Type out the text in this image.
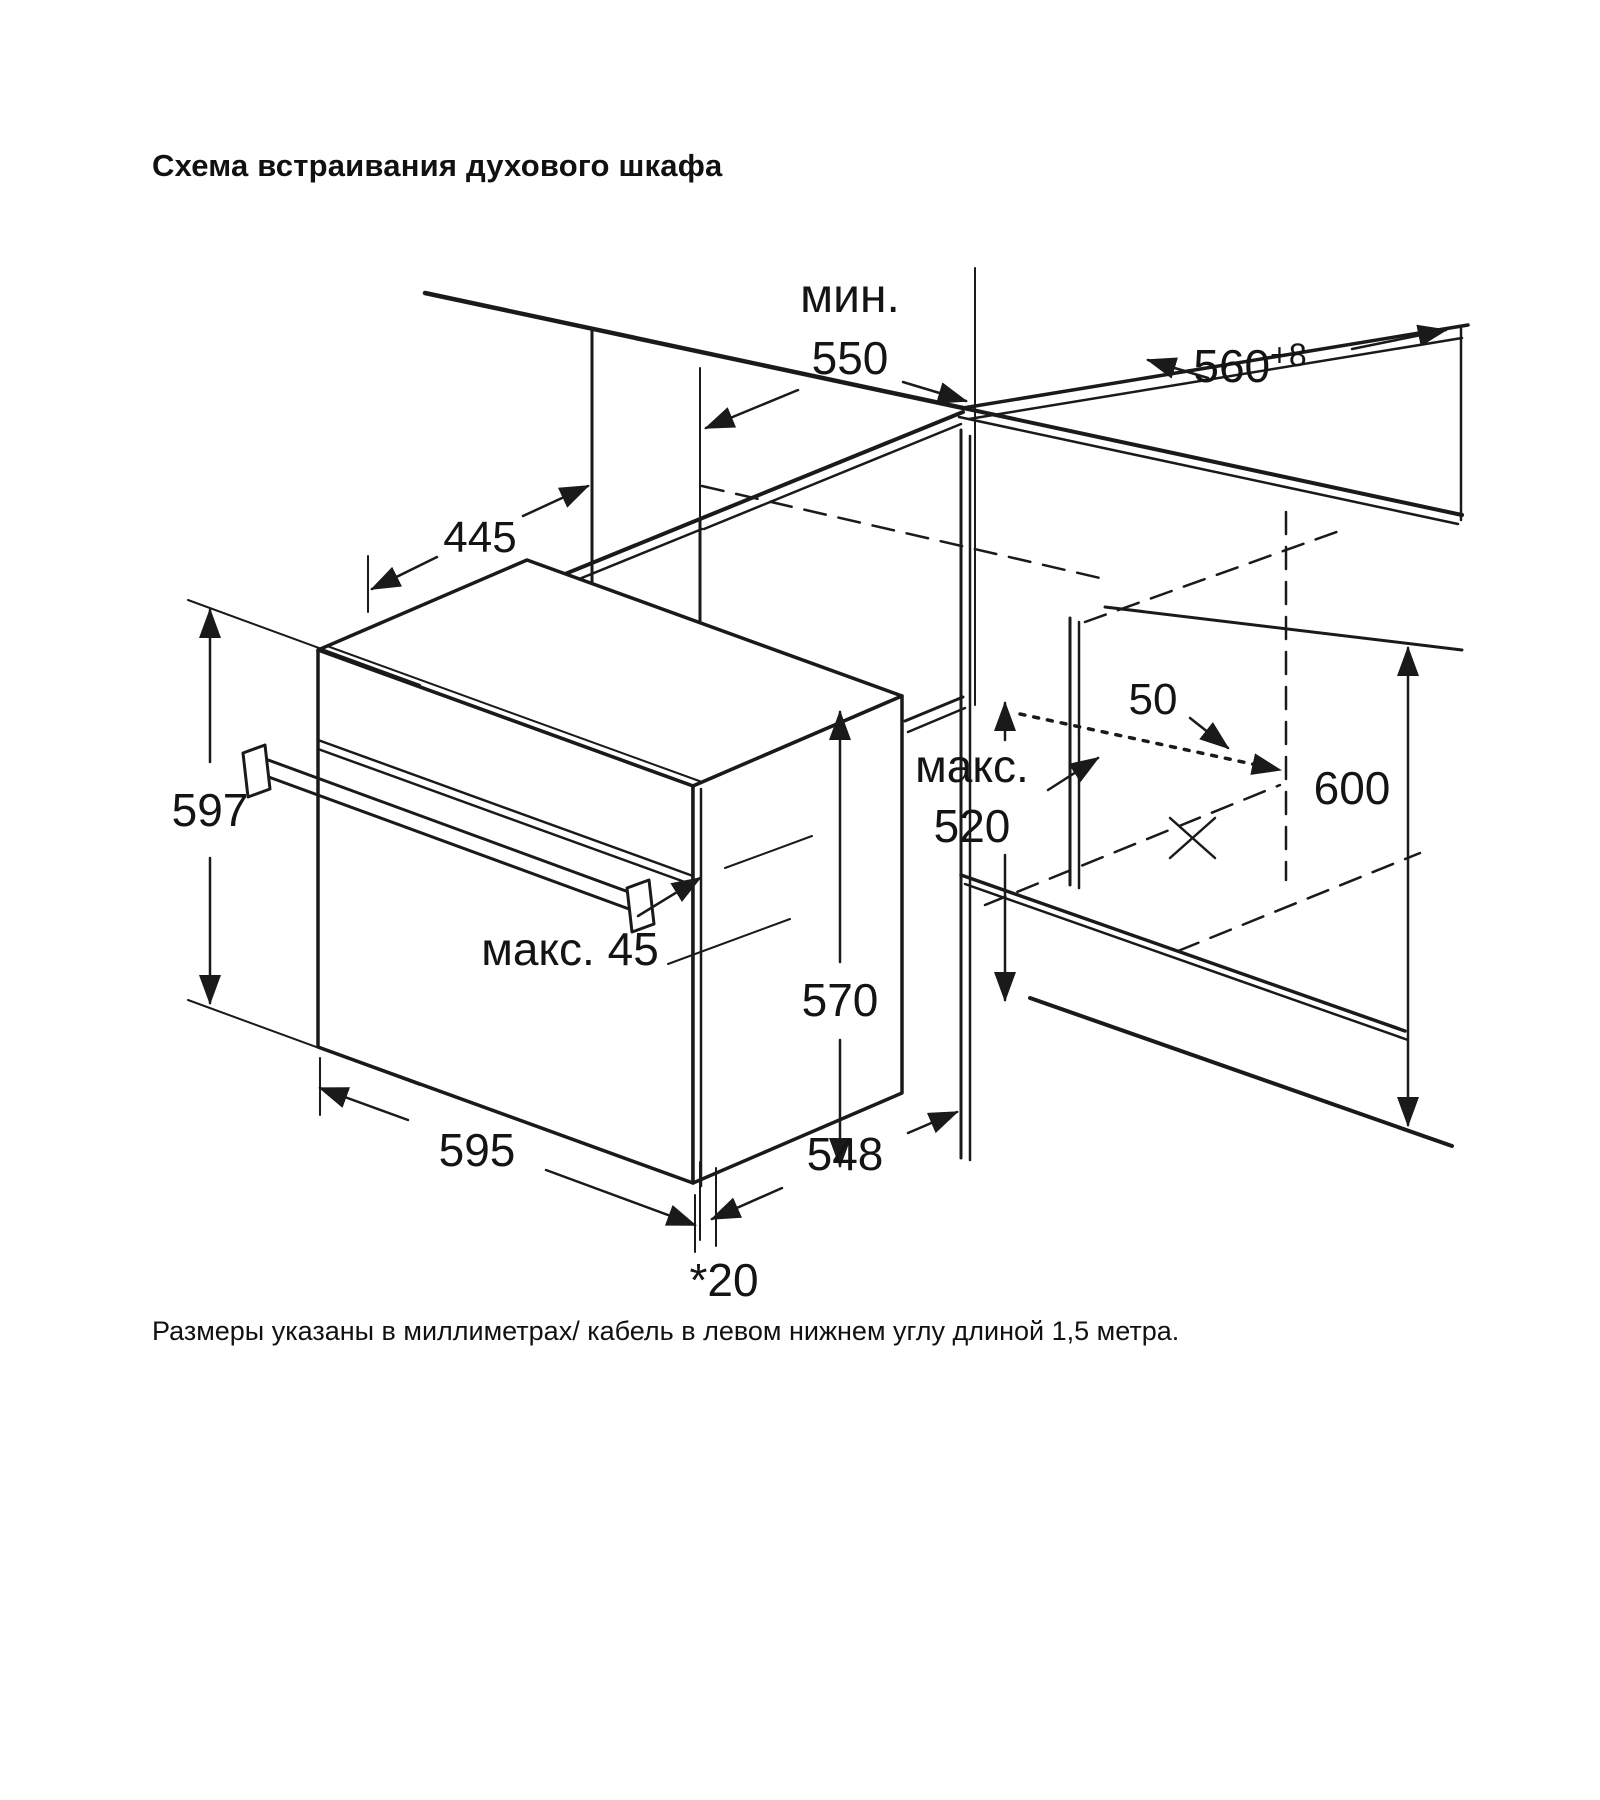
Схема встраивания духового шкафа
мин.
550	$560^{+8}$
445
597
макс.
520
50
600
макс. 45
570
595	548
*20
Размеры указаны в миллиметрах/ кабель в левом нижнем углу длиной 1,5 метра.
